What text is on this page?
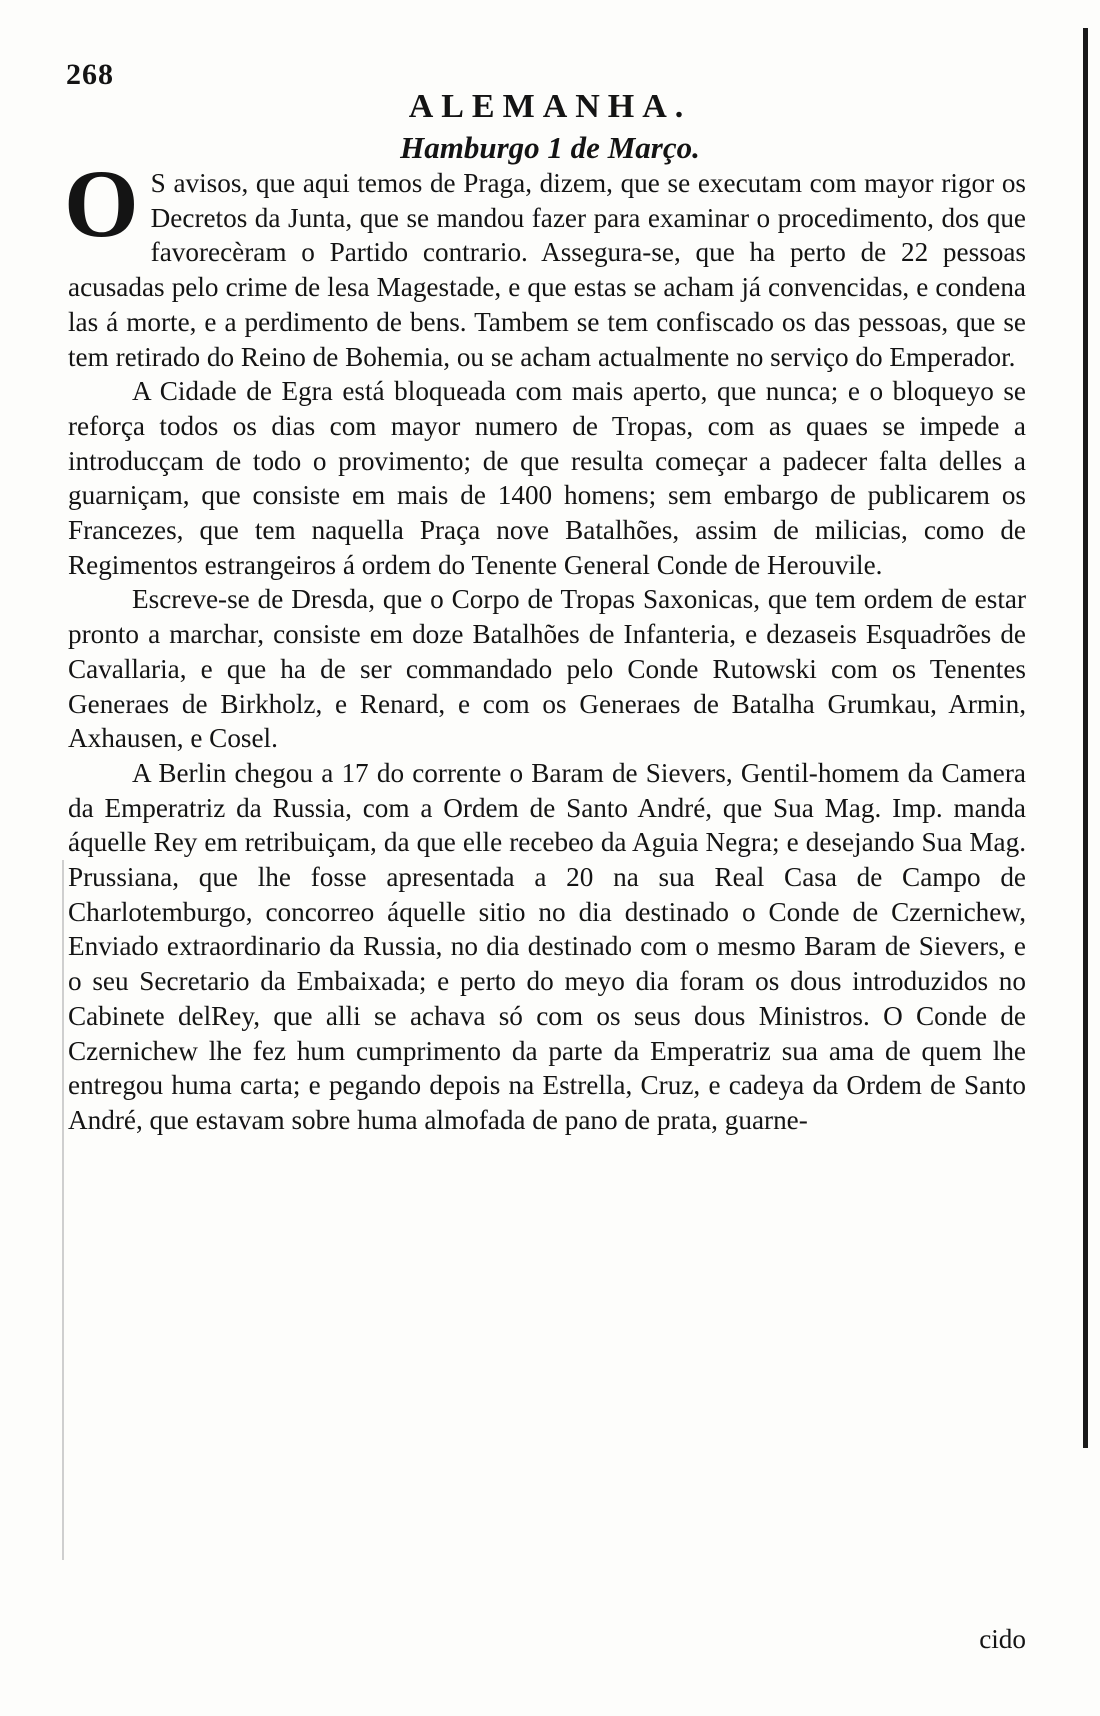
268
ALEMANHA.
Hamburgo 1 de Março.

O S avisos, que aqui temos de Praga, dizem, que se executam com mayor rigor os Decretos da Junta, que se mandou fazer para examinar o procedimento, dos que favorecèram o Partido contrario. Assegura-se, que ha perto de 22 pessoas acusadas pelo crime de lesa Magestade, e que estas se acham já convencidas, e condena las á morte, e a perdimento de bens. Tambem se tem confiscado os das pessoas, que se tem retirado do Reino de Bohemia, ou se acham actualmente no serviço do Emperador.

A Cidade de Egra está bloqueada com mais aperto, que nunca; e o bloqueyo se reforça todos os dias com mayor numero de Tropas, com as quaes se impede a introducçam de todo o provimento; de que resulta começar a padecer falta delles a guarniçam, que consiste em mais de 1400 homens; sem embargo de publicarem os Francezes, que tem naquella Praça nove Batalhões, assim de milicias, como de Regimentos estrangeiros á ordem do Tenente General Conde de Herouvile.

Escreve-se de Dresda, que o Corpo de Tropas Saxonicas, que tem ordem de estar pronto a marchar, consiste em doze Batalhões de Infanteria, e dezaseis Esquadrões de Cavallaria, e que ha de ser commandado pelo Conde Rutowski com os Tenentes Generaes de Birkholz, e Renard, e com os Generaes de Batalha Grumkau, Armin, Axhausen, e Cosel.

A Berlin chegou a 17 do corrente o Baram de Sievers, Gentil-homem da Camera da Emperatriz da Russia, com a Ordem de Santo André, que Sua Mag. Imp. manda áquelle Rey em retribuiçam, da que elle recebeo da Aguia Negra; e desejando Sua Mag. Prussiana, que lhe fosse apresentada a 20 na sua Real Casa de Campo de Charlotemburgo, concorreo áquelle sitio no dia destinado o Conde de Czernichew, Enviado extraordinario da Russia, no dia destinado com o mesmo Baram de Sievers, e o seu Secretario da Embaixada; e perto do meyo dia foram os dous introduzidos no Cabinete delRey, que alli se achava só com os seus dous Ministros. O Conde de Czernichew lhe fez hum cumprimento da parte da Emperatriz sua ama de quem lhe entregou huma carta; e pegando depois na Estrella, Cruz, e cadeya da Ordem de Santo André, que estavam sobre huma almofada de pano de prata, guarne-

cido
